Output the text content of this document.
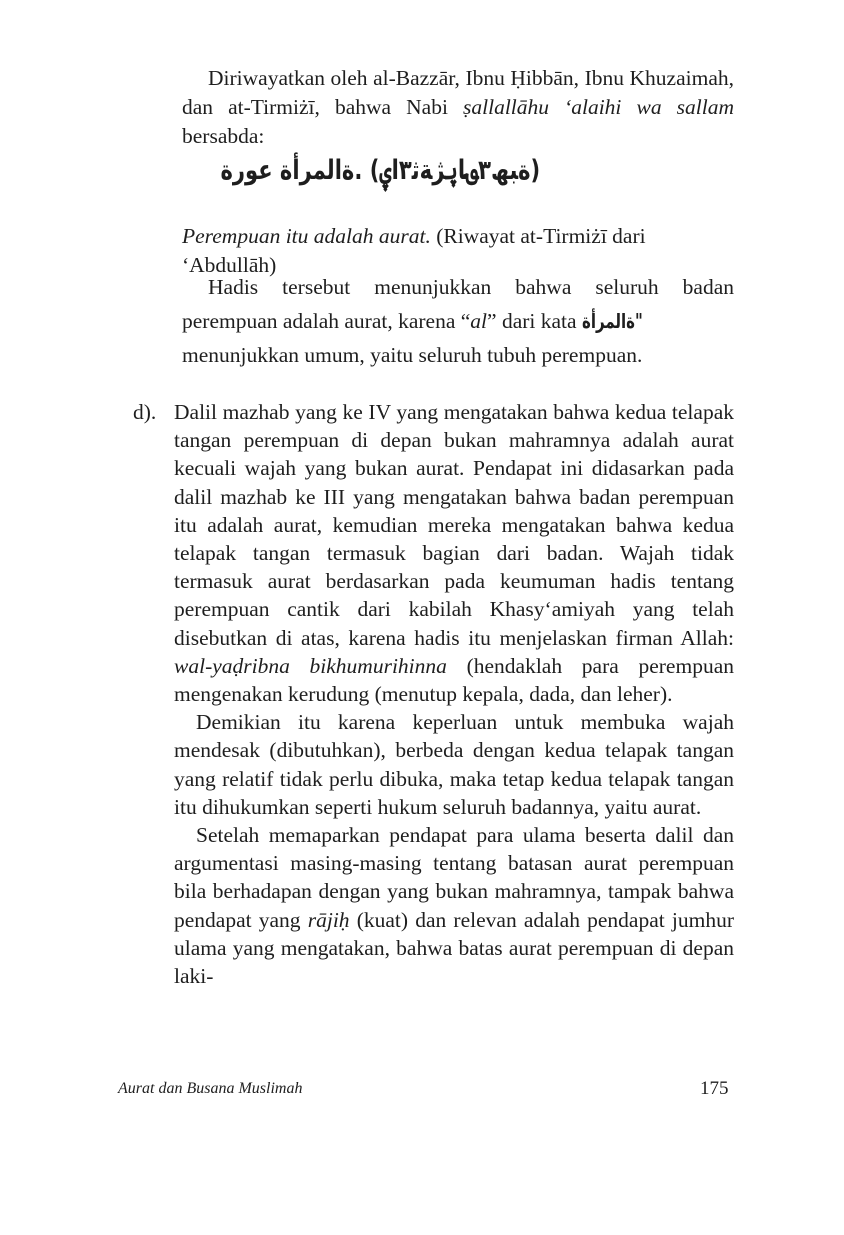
Diriwayatkan oleh al-Bazzār, Ibnu Ḥibbān, Ibnu Khuzaimah, dan at-Tirmiżī, bahwa Nabi ṣallallāhu ‘alaihi wa sallam bersabda:
(ة‍بھ٣؈‍اۑژ‍ةث‍٣اۑ) .ةالمرأة عورة
Perempuan itu adalah aurat. (Riwayat at-Tirmiżī dari ‘Abdullāh)
Hadis tersebut menunjukkan bahwa seluruh badan perempuan adalah aurat, karena “al” dari kata "ةالمرأة
menunjukkan umum, yaitu seluruh tubuh perempuan.
d). Dalil mazhab yang ke IV yang mengatakan bahwa kedua telapak tangan perempuan di depan bukan mahramnya adalah aurat kecuali wajah yang bukan aurat. Pendapat ini didasarkan pada dalil mazhab ke III yang mengatakan bahwa badan perempuan itu adalah aurat, kemudian mereka mengatakan bahwa kedua telapak tangan termasuk bagian dari badan. Wajah tidak termasuk aurat berdasarkan pada keumuman hadis tentang perempuan cantik dari kabilah Khasy‘amiyah yang telah disebutkan di atas, karena hadis itu menjelaskan firman Allah: wal-yaḍribna bikhumurihinna (hendaklah para perempuan mengenakan kerudung (menutup kepala, dada, dan leher).

Demikian itu karena keperluan untuk membuka wajah mendesak (dibutuhkan), berbeda dengan kedua telapak tangan yang relatif tidak perlu dibuka, maka tetap kedua telapak tangan itu dihukumkan seperti hukum seluruh badannya, yaitu aurat.

Setelah memaparkan pendapat para ulama beserta dalil dan argumentasi masing-masing tentang batasan aurat perempuan bila berhadapan dengan yang bukan mahramnya, tampak bahwa pendapat yang rājiḥ (kuat) dan relevan adalah pendapat jumhur ulama yang mengatakan, bahwa batas aurat perempuan di depan laki-

Aurat dan Busana Muslimah	175
